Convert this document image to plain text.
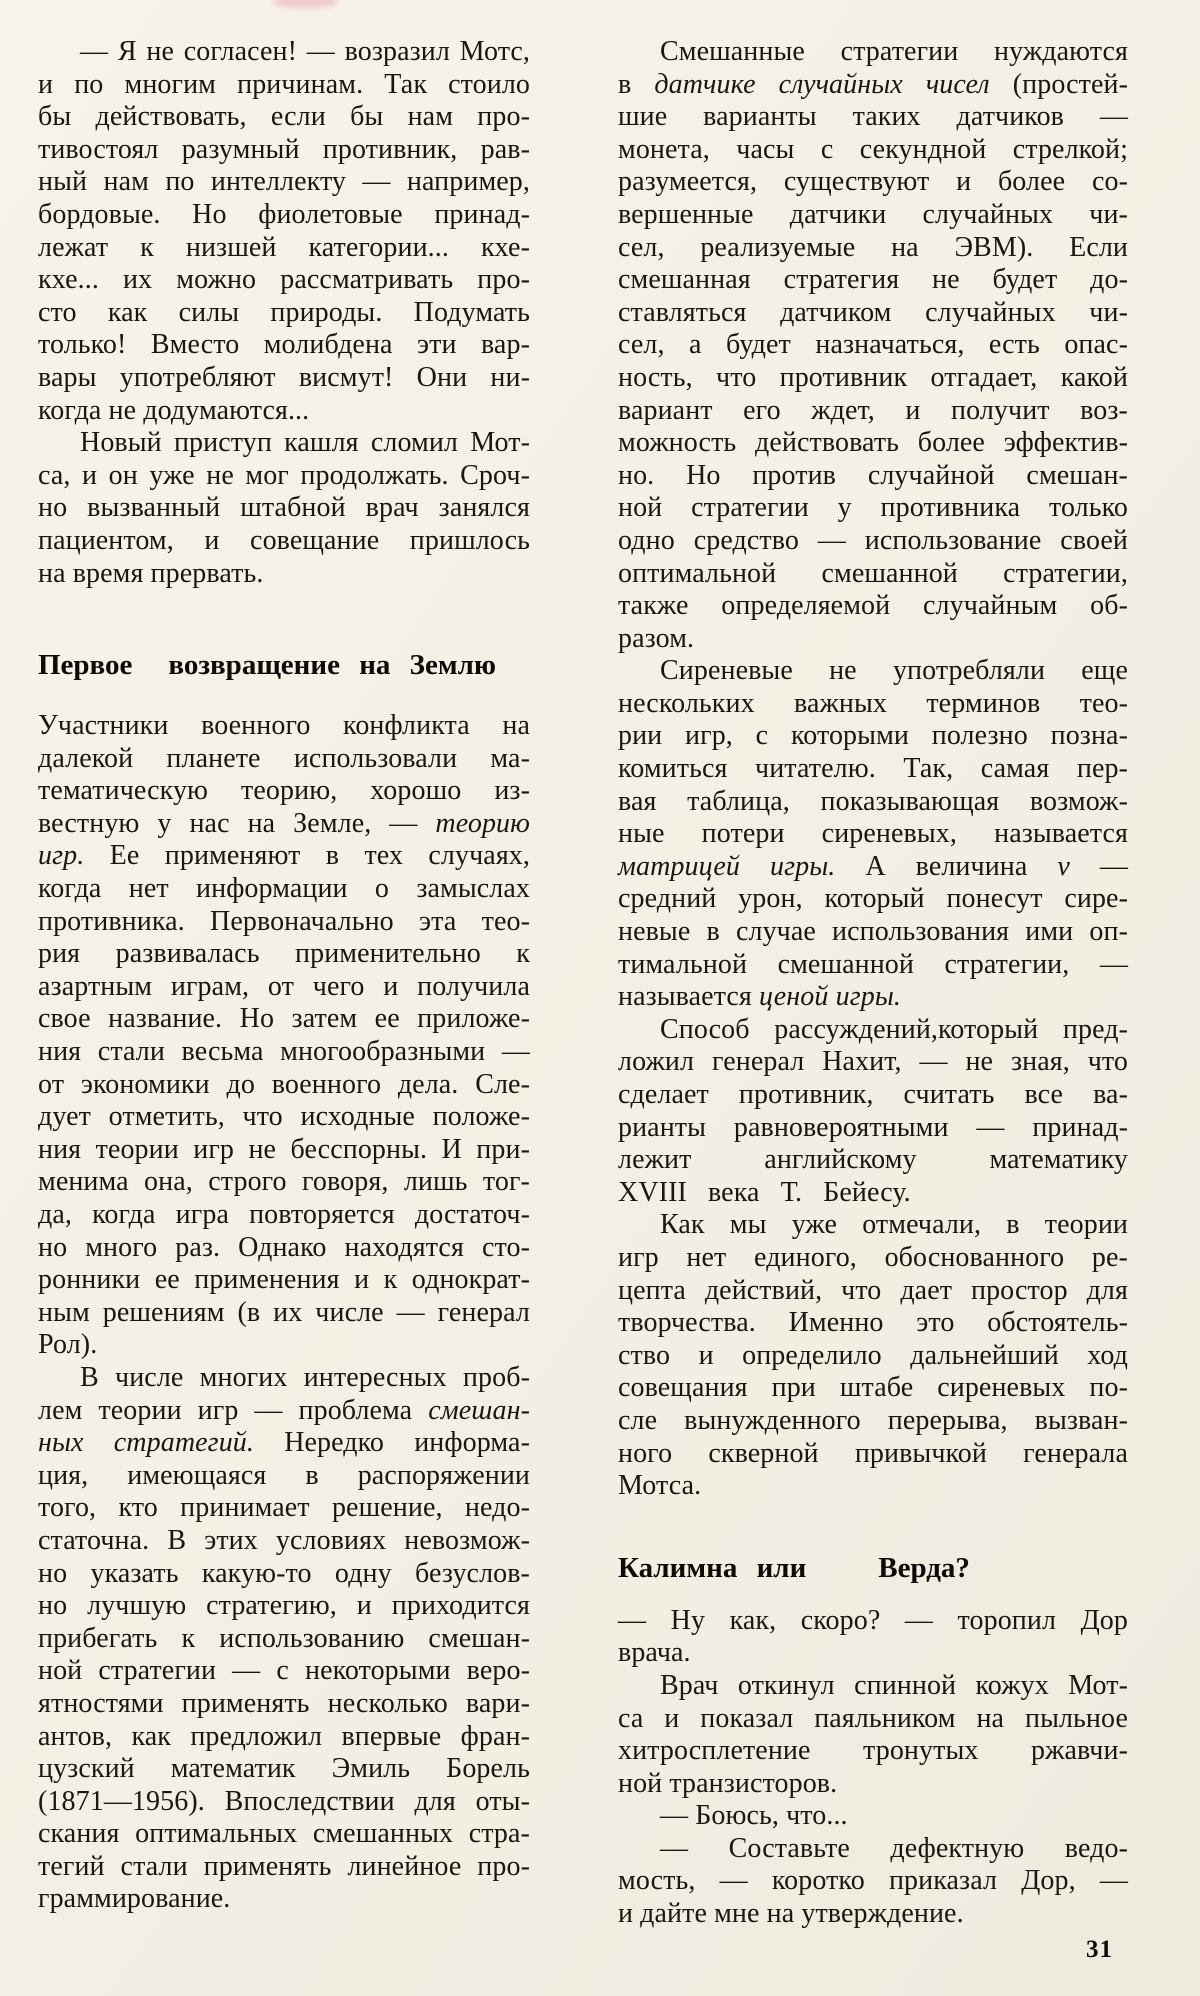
— Я не согласен! — возразил Мотс,
и по многим причинам. Так стоило
бы действовать, если бы нам про-
тивостоял разумный противник, рав-
ный нам по интеллекту — например,
бордовые. Но фиолетовые принад-
лежат к низшей категории... кхе-
кхе... их можно рассматривать про-
сто как силы природы. Подумать
только! Вместо молибдена эти вар-
вары употребляют висмут! Они ни-
когда не додумаются...
Новый приступ кашля сломил Мот-
са, и он уже не мог продолжать. Сроч-
но вызванный штабной врач занялся
пациентом, и совещание пришлось
на время прервать.
Первое возвращение на Землю
Участники военного конфликта на
далекой планете использовали ма-
тематическую теорию, хорошо из-
вестную у нас на Земле, — теорию
игр. Ее применяют в тех случаях,
когда нет информации о замыслах
противника. Первоначально эта тео-
рия развивалась применительно к
азартным играм, от чего и получила
свое название. Но затем ее приложе-
ния стали весьма многообразными —
от экономики до военного дела. Сле-
дует отметить, что исходные положе-
ния теории игр не бесспорны. И при-
менима она, строго говоря, лишь тог-
да, когда игра повторяется достаточ-
но много раз. Однако находятся сто-
ронники ее применения и к однократ-
ным решениям (в их числе — генерал
Рол).
В числе многих интересных проб-
лем теории игр — проблема смешан-
ных стратегий. Нередко информа-
ция, имеющаяся в распоряжении
того, кто принимает решение, недо-
статочна. В этих условиях невозмож-
но указать какую-то одну безуслов-
но лучшую стратегию, и приходится
прибегать к использованию смешан-
ной стратегии — с некоторыми веро-
ятностями применять несколько вари-
антов, как предложил впервые фран-
цузский математик Эмиль Борель
(1871—1956). Впоследствии для оты-
скания оптимальных смешанных стра-
тегий стали применять линейное про-
граммирование.
Смешанные стратегии нуждаются
в датчике случайных чисел (простей-
шие варианты таких датчиков —
монета, часы с секундной стрелкой;
разумеется, существуют и более со-
вершенные датчики случайных чи-
сел, реализуемые на ЭВМ). Если
смешанная стратегия не будет до-
ставляться датчиком случайных чи-
сел, а будет назначаться, есть опас-
ность, что противник отгадает, какой
вариант его ждет, и получит воз-
можность действовать более эффектив-
но. Но против случайной смешан-
ной стратегии у противника только
одно средство — использование своей
оптимальной смешанной стратегии,
также определяемой случайным об-
разом.
Сиреневые не употребляли еще
нескольких важных терминов тео-
рии игр, с которыми полезно позна-
комиться читателю. Так, самая пер-
вая таблица, показывающая возмож-
ные потери сиреневых, называется
матрицей игры. А величина v —
средний урон, который понесут сире-
невые в случае использования ими оп-
тимальной смешанной стратегии, —
называется ценой игры.
Способ рассуждений,который пред-
ложил генерал Нахит, — не зная, что
сделает противник, считать все ва-
рианты равновероятными — принад-
лежит английскому математику
XVIII века Т. Бейесу.
Как мы уже отмечали, в теории
игр нет единого, обоснованного ре-
цепта действий, что дает простор для
творчества. Именно это обстоятель-
ство и определило дальнейший ход
совещания при штабе сиреневых по-
сле вынужденного перерыва, вызван-
ного скверной привычкой генерала
Мотса.
Калимна или Верда?
— Ну как, скоро? — торопил Дор
врача.
Врач откинул спинной кожух Мот-
са и показал паяльником на пыльное
хитросплетение тронутых ржавчи-
ной транзисторов.
— Боюсь, что...
— Составьте дефектную ведо-
мость, — коротко приказал Дор, —
и дайте мне на утверждение.
31
